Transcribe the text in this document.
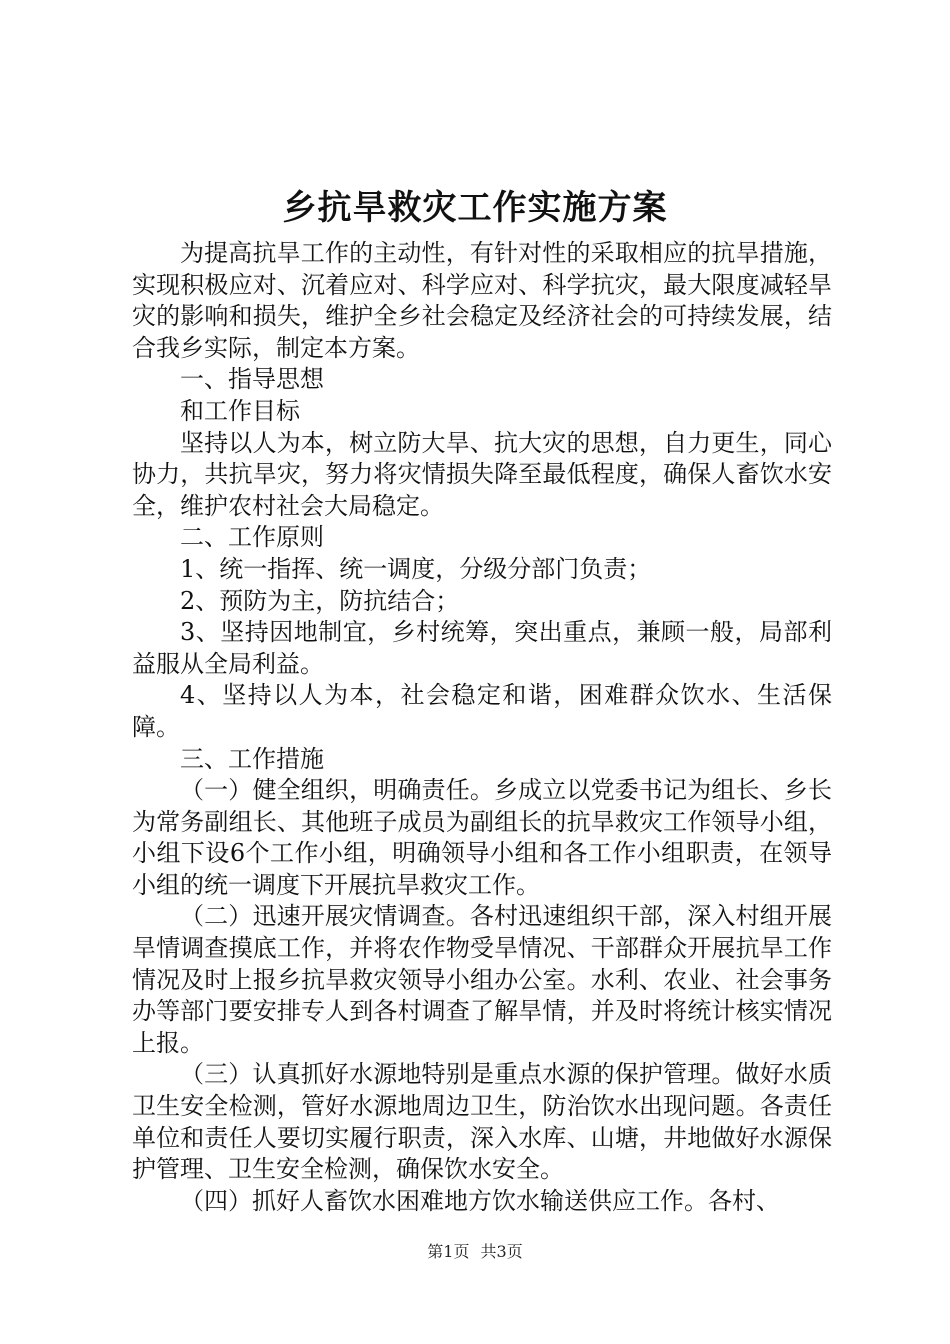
乡抗旱救灾工作实施方案

为提高抗旱工作的主动性，有针对性的采取相应的抗旱措施，实现积极应对、沉着应对、科学应对、科学抗灾，最大限度减轻旱灾的影响和损失，维护全乡社会稳定及经济社会的可持续发展，结合我乡实际，制定本方案。

一、指导思想

和工作目标

坚持以人为本，树立防大旱、抗大灾的思想，自力更生，同心协力，共抗旱灾，努力将灾情损失降至最低程度，确保人畜饮水安全，维护农村社会大局稳定。

二、工作原则

1、统一指挥、统一调度，分级分部门负责；

2、预防为主，防抗结合；

3、坚持因地制宜，乡村统筹，突出重点，兼顾一般，局部利益服从全局利益。

4、坚持以人为本，社会稳定和谐，困难群众饮水、生活保障。

三、工作措施

（一）健全组织，明确责任。乡成立以党委书记为组长、乡长为常务副组长、其他班子成员为副组长的抗旱救灾工作领导小组，小组下设6个工作小组，明确领导小组和各工作小组职责，在领导小组的统一调度下开展抗旱救灾工作。

（二）迅速开展灾情调查。各村迅速组织干部，深入村组开展旱情调查摸底工作，并将农作物受旱情况、干部群众开展抗旱工作情况及时上报乡抗旱救灾领导小组办公室。水利、农业、社会事务办等部门要安排专人到各村调查了解旱情，并及时将统计核实情况上报。

（三）认真抓好水源地特别是重点水源的保护管理。做好水质卫生安全检测，管好水源地周边卫生，防治饮水出现问题。各责任单位和责任人要切实履行职责，深入水库、山塘，井地做好水源保护管理、卫生安全检测，确保饮水安全。

（四）抓好人畜饮水困难地方饮水输送供应工作。各村、

第1页 共3页
